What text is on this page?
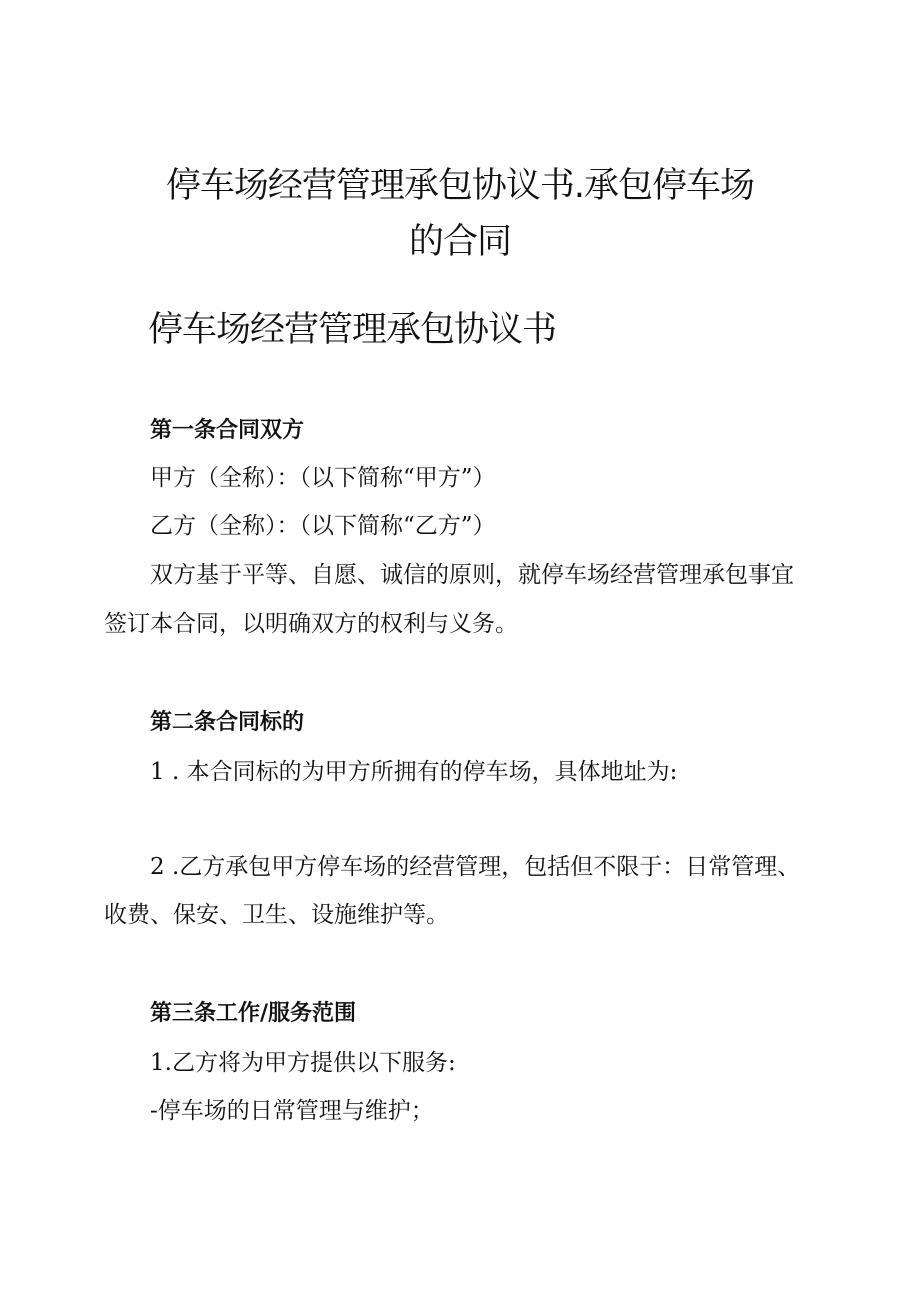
停车场经营管理承包协议书.承包停车场
的合同
停车场经营管理承包协议书

第一条合同双方

甲方（全称）：（以下简称“甲方”）

乙方（全称）：（以下简称“乙方”）

双方基于平等、自愿、诚信的原则，就停车场经营管理承包事宜

签订本合同，以明确双方的权利与义务。

第二条合同标的

1 . 本合同标的为甲方所拥有的停车场，具体地址为:

2 .乙方承包甲方停车场的经营管理，包括但不限于：日常管理、

收费、保安、卫生、设施维护等。

第三条工作/服务范围

1.乙方将为甲方提供以下服务:

-停车场的日常管理与维护；
